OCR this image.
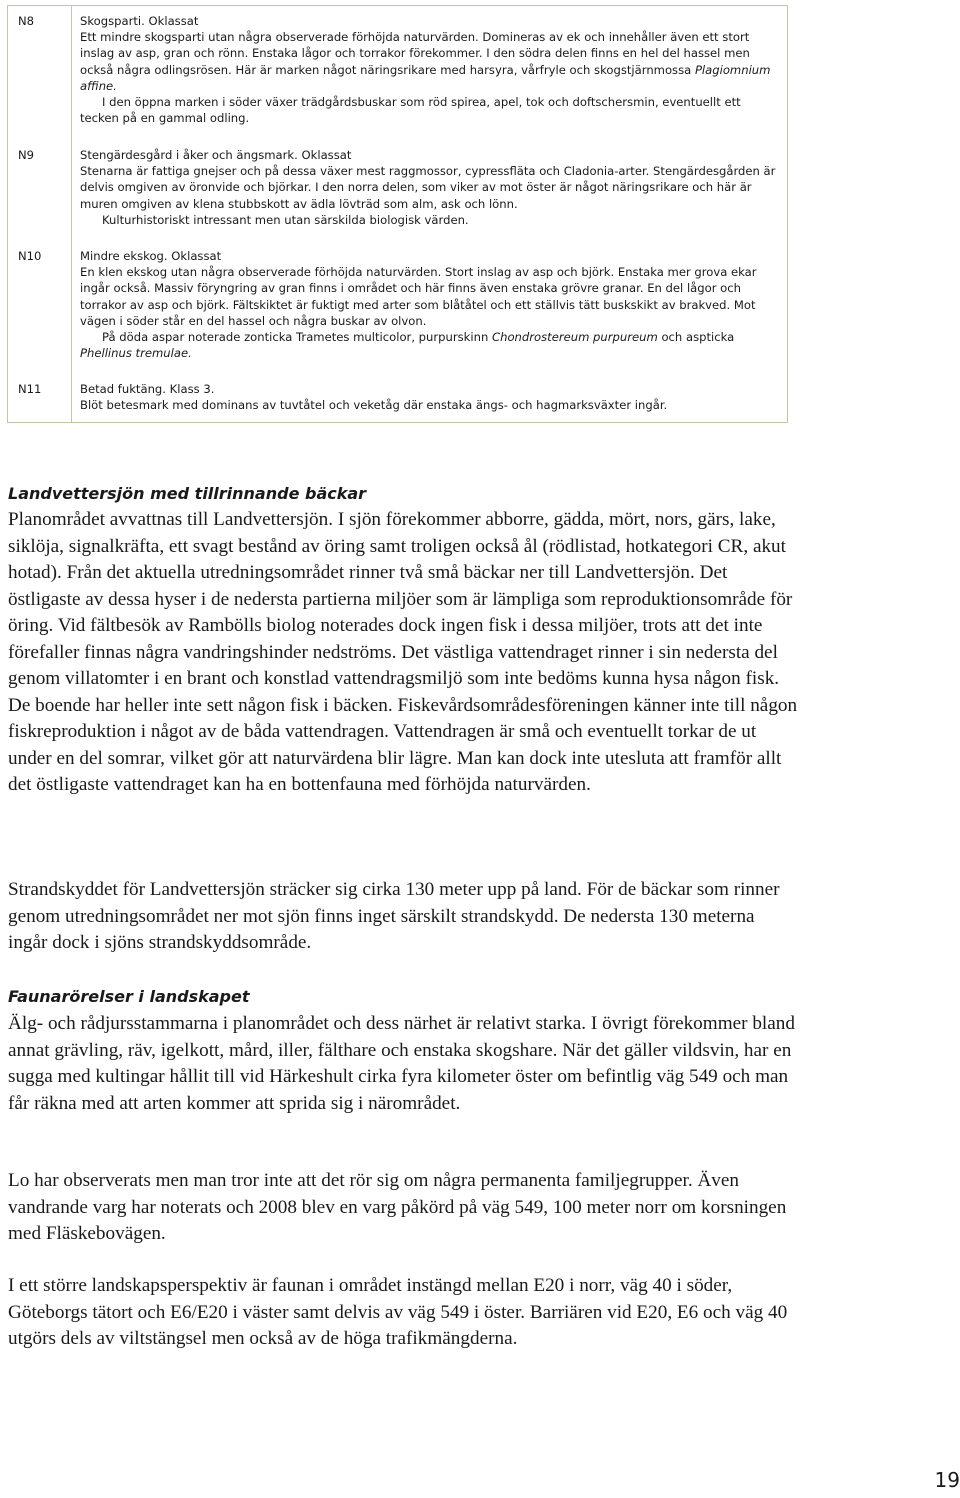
N8	Skogsparti. Oklassat

Ett mindre skogsparti utan några observerade förhöjda naturvärden. Domineras av ek och innehåller även ett stort inslag av asp, gran och rönn. Enstaka lågor och torrakor förekommer. I den södra delen finns en hel del hassel men också några odlingsrösen. Här är marken något näringsrikare med harsyra, vårfryle och skogstjärnmossa Plagiomnium affine.

I den öppna marken i söder växer trädgårdsbuskar som röd spirea, apel, tok och doftschersmin, eventuellt ett tecken på en gammal odling.

N9	Stengärdesgård i åker och ängsmark. Oklassat

Stenarna är fattiga gnejser och på dessa växer mest raggmossor, cypressfläta och Cladonia-arter. Stengärdesgården är delvis omgiven av öronvide och björkar. I den norra delen, som viker av mot öster är något näringsrikare och här är muren omgiven av klena stubbskott av ädla lövträd som alm, ask och lönn.

Kulturhistoriskt intressant men utan särskilda biologisk värden.

N10	Mindre ekskog. Oklassat

En klen ekskog utan några observerade förhöjda naturvärden. Stort inslag av asp och björk. Enstaka mer grova ekar ingår också. Massiv föryngring av gran finns i området och här finns även enstaka grövre granar. En del lågor och torrakor av asp och björk. Fältskiktet är fuktigt med arter som blåtåtel och ett ställvis tätt buskskikt av brakved. Mot vägen i söder står en del hassel och några buskar av olvon.

På döda aspar noterade zonticka Trametes multicolor, purpurskinn Chondrostereum purpureum och aspticka Phellinus tremulae.

N11	Betad fuktäng. Klass 3.

Blöt betesmark med dominans av tuvtåtel och veketåg där enstaka ängs- och hagmarksväxter ingår.

Landvettersjön med tillrinnande bäckar

Planområdet avvattnas till Landvettersjön. I sjön förekommer abborre, gädda, mört, nors, gärs, lake, siklöja, signalkräfta, ett svagt bestånd av öring samt troligen också ål (rödlistad, hotkategori CR, akut hotad). Från det aktuella utredningsområdet rinner två små bäckar ner till Landvettersjön. Det östligaste av dessa hyser i de nedersta partierna miljöer som är lämpliga som reproduktionsområde för öring. Vid fältbesök av Rambölls biolog noterades dock ingen fisk i dessa miljöer, trots att det inte förefaller finnas några vandringshinder nedströms. Det västliga vattendraget rinner i sin nedersta del genom villatomter i en brant och konstlad vattendragsmiljö som inte bedöms kunna hysa någon fisk. De boende har heller inte sett någon fisk i bäcken. Fiskevårdsområdesföreningen känner inte till någon fiskreproduktion i något av de båda vattendragen. Vattendragen är små och eventuellt torkar de ut under en del somrar, vilket gör att naturvärdena blir lägre. Man kan dock inte utesluta att framför allt det östligaste vattendraget kan ha en bottenfauna med förhöjda naturvärden.

Strandskyddet för Landvettersjön sträcker sig cirka 130 meter upp på land. För de bäckar som rinner genom utredningsområdet ner mot sjön finns inget särskilt strandskydd. De nedersta 130 meterna ingår dock i sjöns strandskyddsområde.

Faunarörelser i landskapet

Älg- och rådjursstammarna i planområdet och dess närhet är relativt starka. I övrigt förekommer bland annat grävling, räv, igelkott, mård, iller, fälthare och enstaka skogshare. När det gäller vildsvin, har en sugga med kultingar hållit till vid Härkeshult cirka fyra kilometer öster om befintlig väg 549 och man får räkna med att arten kommer att sprida sig i närområdet.

Lo har observerats men man tror inte att det rör sig om några permanenta familjegrupper. Även vandrande varg har noterats och 2008 blev en varg påkörd på väg 549, 100 meter norr om korsningen med Fläskebovägen.

I ett större landskapsperspektiv är faunan i området instängd mellan E20 i norr, väg 40 i söder, Göteborgs tätort och E6/E20 i väster samt delvis av väg 549 i öster. Barriären vid E20, E6 och väg 40 utgörs dels av viltstängsel men också av de höga trafikmängderna.

19
